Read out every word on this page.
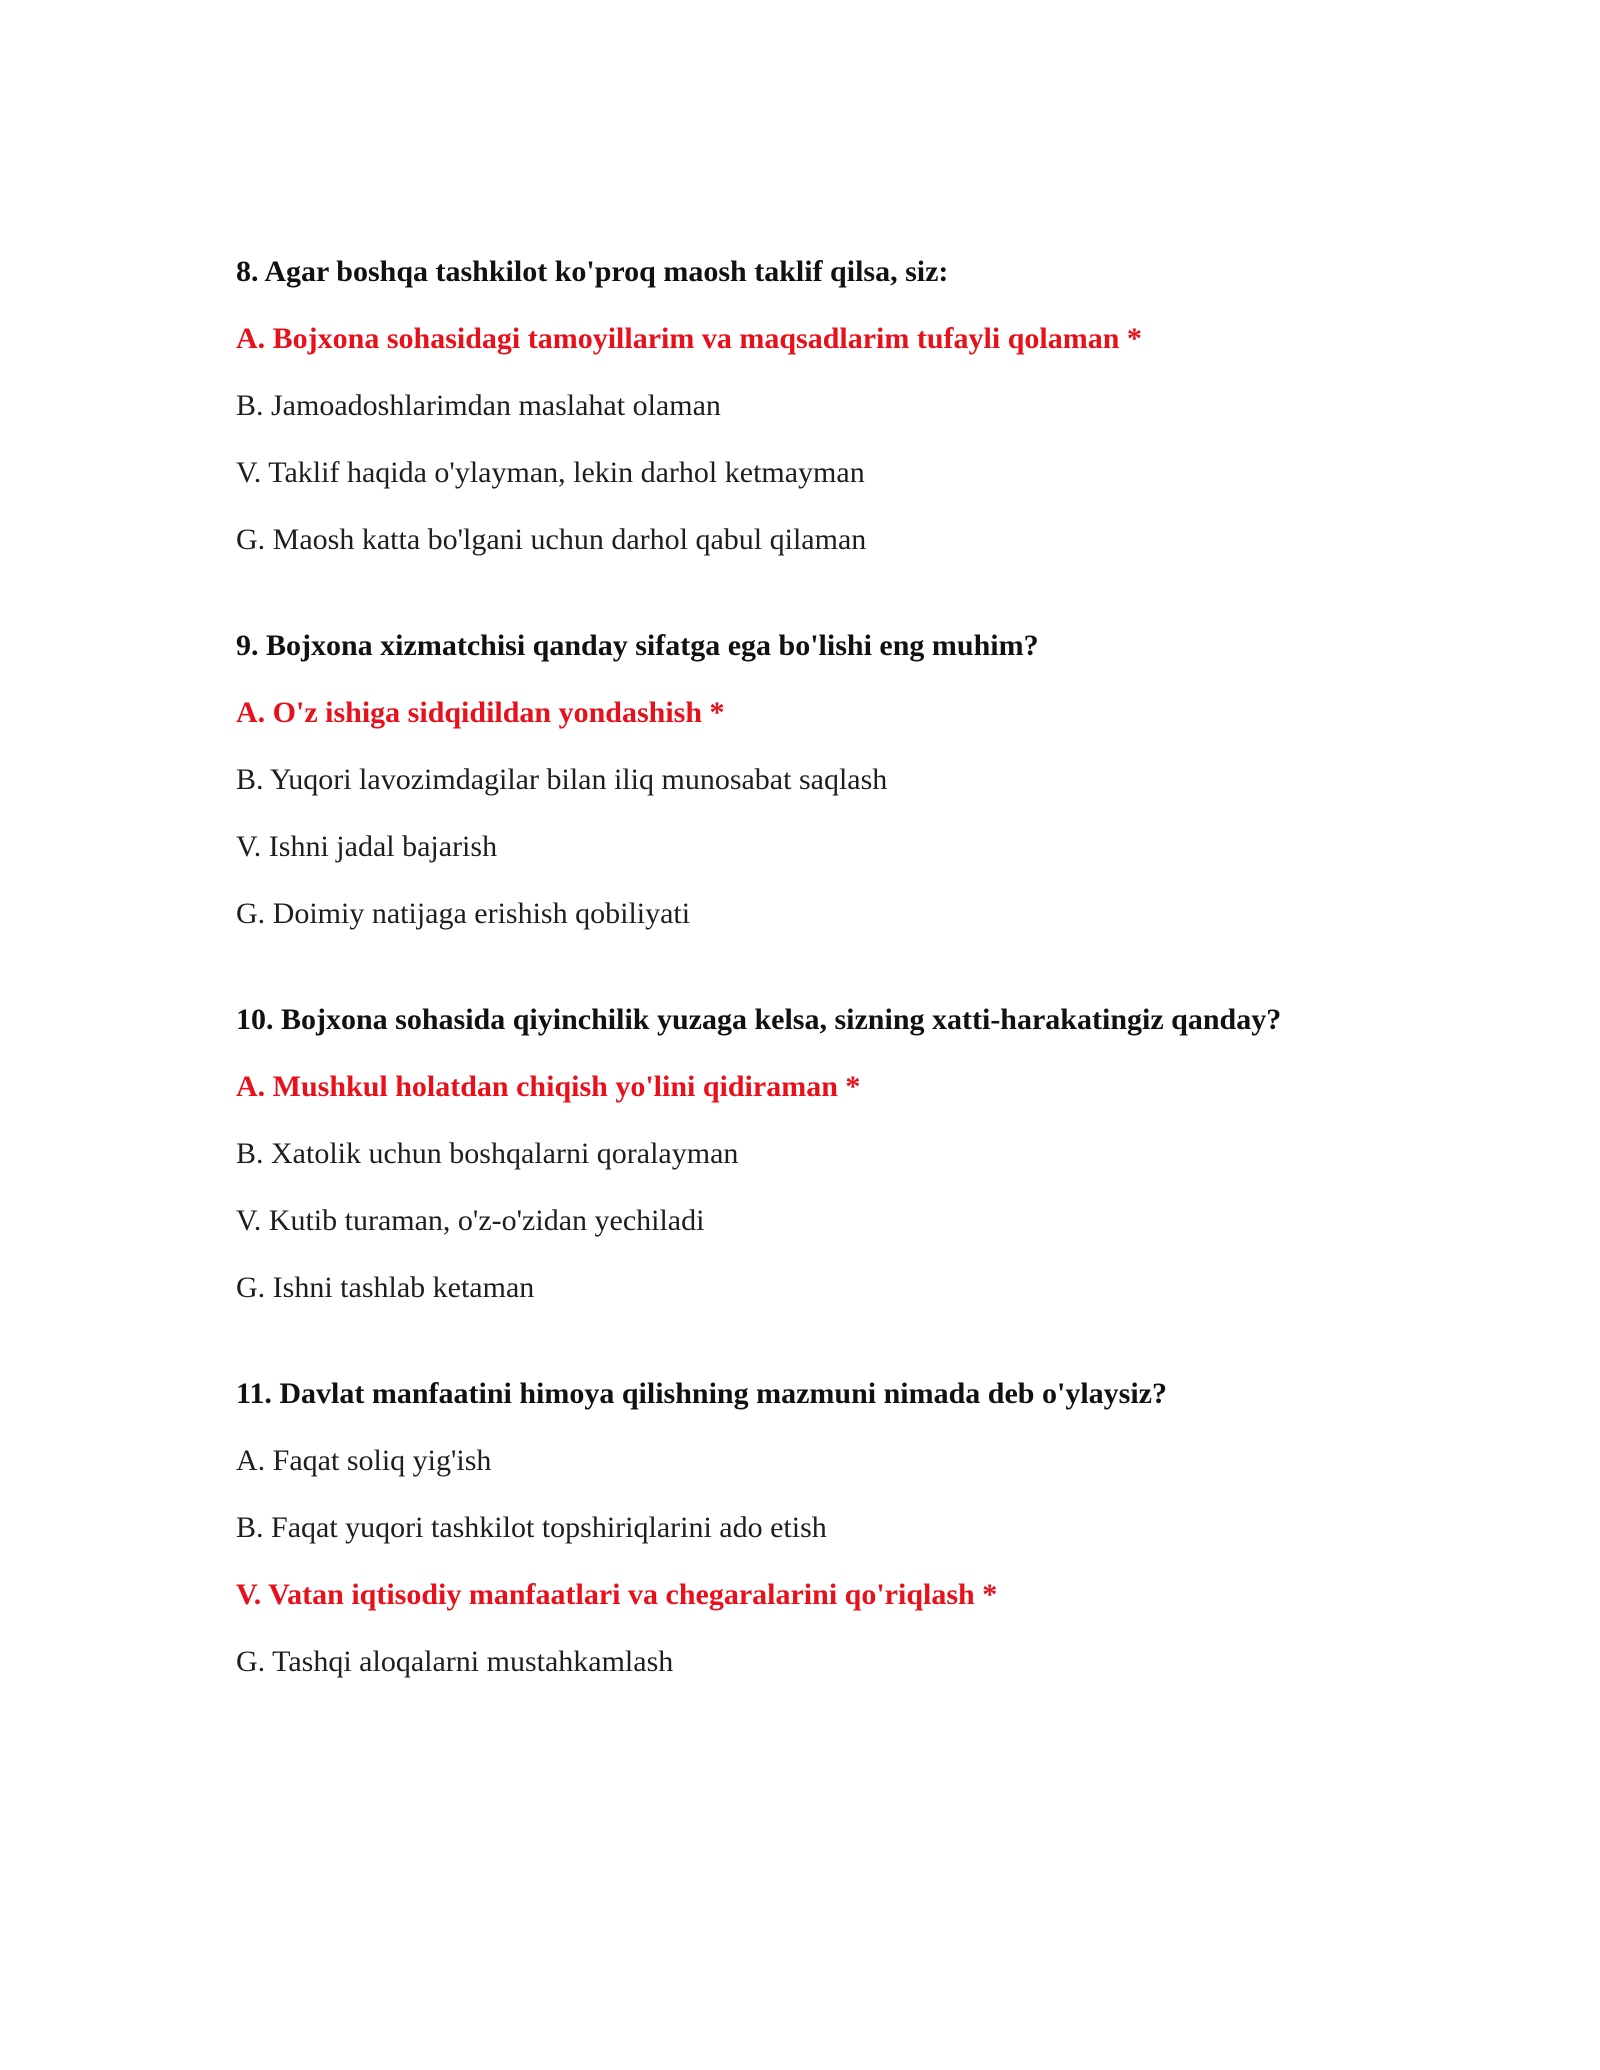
8. Agar boshqa tashkilot ko'proq maosh taklif qilsa, siz:
A. Bojxona sohasidagi tamoyillarim va maqsadlarim tufayli qolaman *
B. Jamoadoshlarimdan maslahat olaman
V. Taklif haqida o'ylayman, lekin darhol ketmayman
G. Maosh katta bo'lgani uchun darhol qabul qilaman
9. Bojxona xizmatchisi qanday sifatga ega bo'lishi eng muhim?
A. O'z ishiga sidqidildan yondashish *
B. Yuqori lavozimdagilar bilan iliq munosabat saqlash
V. Ishni jadal bajarish
G. Doimiy natijaga erishish qobiliyati
10. Bojxona sohasida qiyinchilik yuzaga kelsa, sizning xatti-harakatingiz qanday?
A. Mushkul holatdan chiqish yo'lini qidiraman *
B. Xatolik uchun boshqalarni qoralayman
V. Kutib turaman, o'z-o'zidan yechiladi
G. Ishni tashlab ketaman
11. Davlat manfaatini himoya qilishning mazmuni nimada deb o'ylaysiz?
A. Faqat soliq yig'ish
B. Faqat yuqori tashkilot topshiriqlarini ado etish
V. Vatan iqtisodiy manfaatlari va chegaralarini qo'riqlash *
G. Tashqi aloqalarni mustahkamlash
